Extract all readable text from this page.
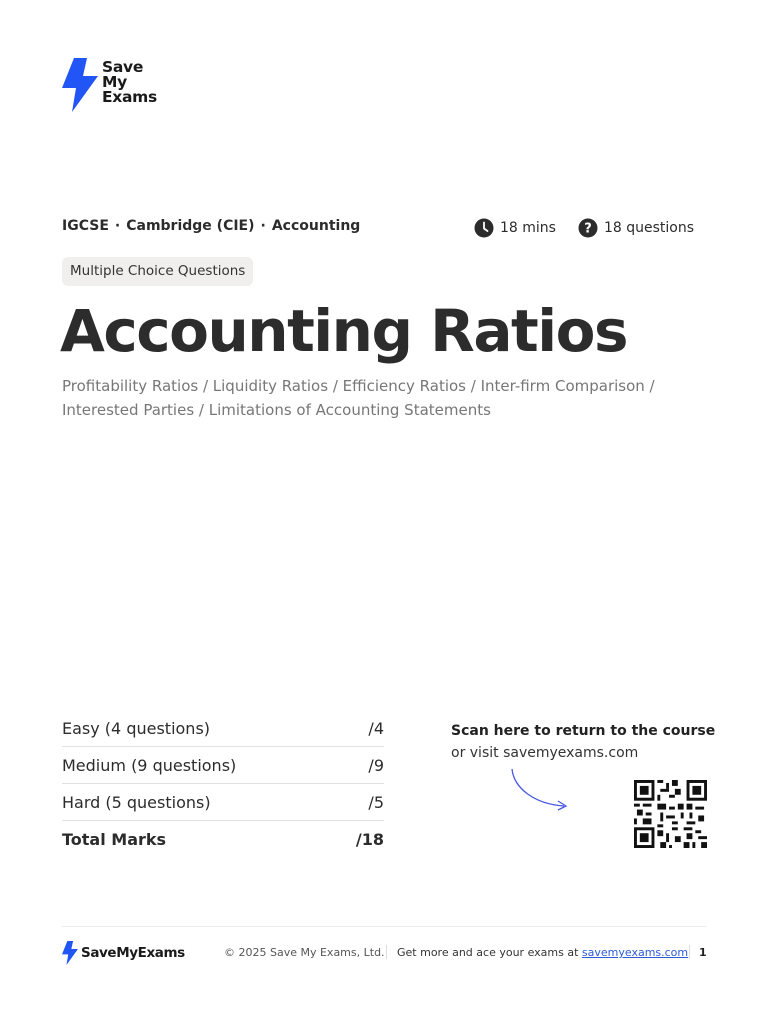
Save
My
Exams
IGCSE · Cambridge (CIE) · Accounting	18 mins ? 18 questions
Multiple Choice Questions
Accounting Ratios
Profitability Ratios / Liquidity Ratios / Efficiency Ratios / Inter-firm Comparison / Interested Parties / Limitations of Accounting Statements
Easy (4 questions)	/4
Medium (9 questions)	/9
Hard (5 questions)	/5
Total Marks	/18
Scan here to return to the course
or visit savemyexams.com
SaveMyExams	© 2025 Save My Exams, Ltd. Get more and ace your exams at savemyexams.com 1
